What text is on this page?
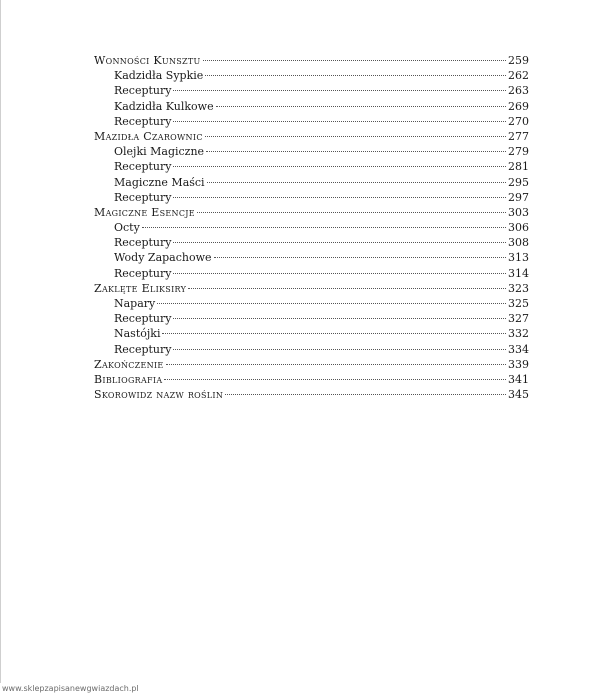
Wonności Kunsztu	259
Kadzidła Sypkie	262
Receptury	263
Kadzidła Kulkowe	269
Receptury	270
Mazidła Czarownic	277
Olejki Magiczne	279
Receptury	281
Magiczne Maści	295
Receptury	297
Magiczne Esencje	303
Octy	306
Receptury	308
Wody Zapachowe	313
Receptury	314
Zaklęte Eliksiry	323
Napary	325
Receptury	327
Nastójki	332
Receptury	334
Zakończenie	339
Bibliografia	341
Skorowidz nazw roślin	345
www.sklepzapisanewgwiazdach.pl
